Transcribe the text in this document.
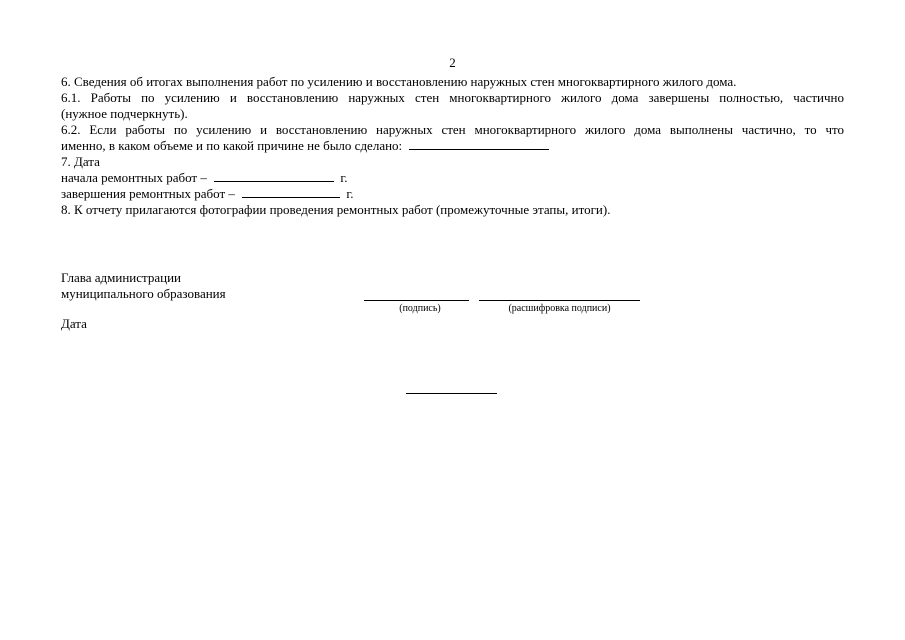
2

6. Сведения об итогах выполнения работ по усилению и восстановлению наружных стен многоквартирного жилого дома.

6.1. Работы по усилению и восстановлению наружных стен многоквартирного жилого дома завершены полностью, частично

(нужное подчеркнуть).

6.2. Если работы по усилению и восстановлению наружных стен многоквартирного жилого дома выполнены частично, то что

именно, в каком объеме и по какой причине не было сделано:

7. Дата

начала ремонтных работ –	г.

завершения ремонтных работ –	г.

8. К отчету прилагаются фотографии проведения ремонтных работ (промежуточные этапы, итоги).

Глава администрации
муниципального образования
(подпись)	(расшифровка подписи)
Дата
